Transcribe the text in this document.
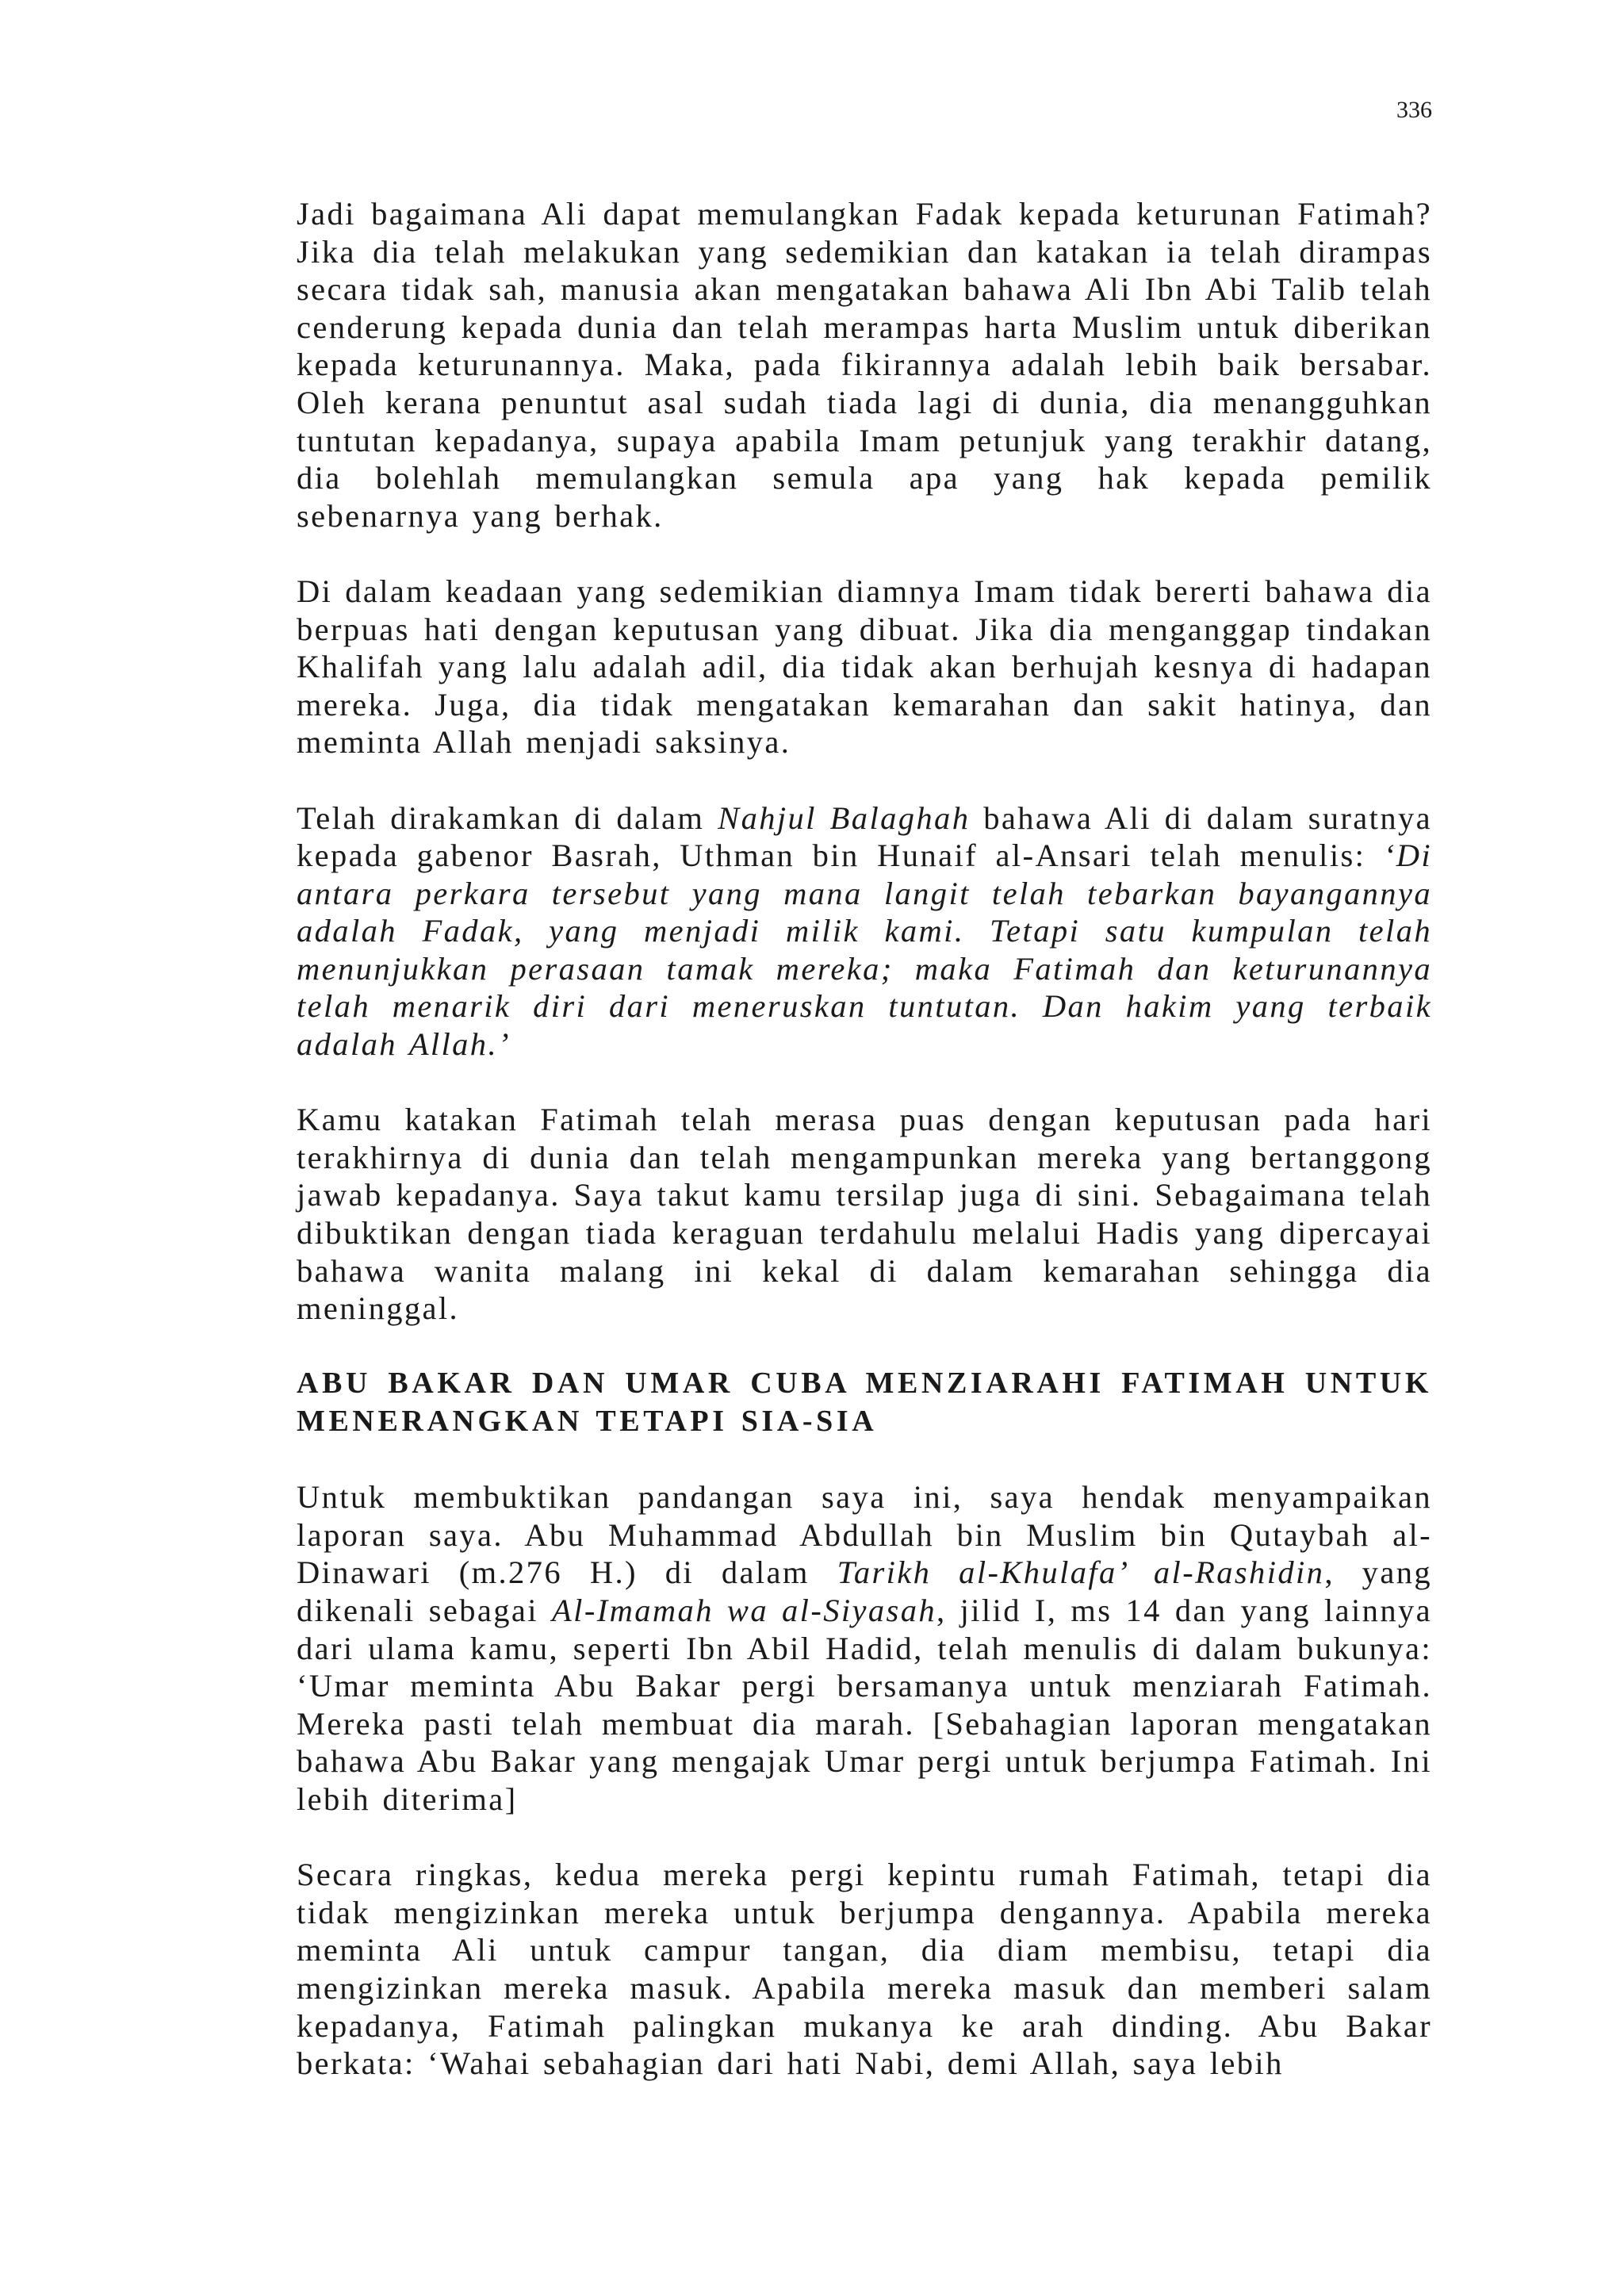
336

Jadi bagaimana Ali dapat memulangkan Fadak kepada keturunan Fatimah? Jika dia telah melakukan yang sedemikian dan katakan ia telah dirampas secara tidak sah, manusia akan mengatakan bahawa Ali Ibn Abi Talib telah cenderung kepada dunia dan telah merampas harta Muslim untuk diberikan kepada keturunannya. Maka, pada fikirannya adalah lebih baik bersabar. Oleh kerana penuntut asal sudah tiada lagi di dunia, dia menangguhkan tuntutan kepadanya, supaya apabila Imam petunjuk yang terakhir datang, dia bolehlah memulangkan semula apa yang hak kepada pemilik sebenarnya yang berhak.

Di dalam keadaan yang sedemikian diamnya Imam tidak bererti bahawa dia berpuas hati dengan keputusan yang dibuat. Jika dia menganggap tindakan Khalifah yang lalu adalah adil, dia tidak akan berhujah kesnya di hadapan mereka. Juga, dia tidak mengatakan kemarahan dan sakit hatinya, dan meminta Allah menjadi saksinya.

Telah dirakamkan di dalam Nahjul Balaghah bahawa Ali di dalam suratnya kepada gabenor Basrah, Uthman bin Hunaif al-Ansari telah menulis: ‘Di antara perkara tersebut yang mana langit telah tebarkan bayangannya adalah Fadak, yang menjadi milik kami. Tetapi satu kumpulan telah menunjukkan perasaan tamak mereka; maka Fatimah dan keturunannya telah menarik diri dari meneruskan tuntutan. Dan hakim yang terbaik adalah Allah.’

Kamu katakan Fatimah telah merasa puas dengan keputusan pada hari terakhirnya di dunia dan telah mengampunkan mereka yang bertanggong jawab kepadanya. Saya takut kamu tersilap juga di sini. Sebagaimana telah dibuktikan dengan tiada keraguan terdahulu melalui Hadis yang dipercayai bahawa wanita malang ini kekal di dalam kemarahan sehingga dia meninggal.

ABU BAKAR DAN UMAR CUBA MENZIARAHI FATIMAH UNTUK MENERANGKAN TETAPI SIA-SIA

Untuk membuktikan pandangan saya ini, saya hendak menyampaikan laporan saya. Abu Muhammad Abdullah bin Muslim bin Qutaybah al-Dinawari (m.276 H.) di dalam Tarikh al-Khulafa’ al-Rashidin, yang dikenali sebagai Al-Imamah wa al-Siyasah, jilid I, ms 14 dan yang lainnya dari ulama kamu, seperti Ibn Abil Hadid, telah menulis di dalam bukunya: ‘Umar meminta Abu Bakar pergi bersamanya untuk menziarah Fatimah. Mereka pasti telah membuat dia marah. [Sebahagian laporan mengatakan bahawa Abu Bakar yang mengajak Umar pergi untuk berjumpa Fatimah. Ini lebih diterima]

Secara ringkas, kedua mereka pergi kepintu rumah Fatimah, tetapi dia tidak mengizinkan mereka untuk berjumpa dengannya. Apabila mereka meminta Ali untuk campur tangan, dia diam membisu, tetapi dia mengizinkan mereka masuk. Apabila mereka masuk dan memberi salam kepadanya, Fatimah palingkan mukanya ke arah dinding. Abu Bakar berkata: ‘Wahai sebahagian dari hati Nabi, demi Allah, saya lebih
